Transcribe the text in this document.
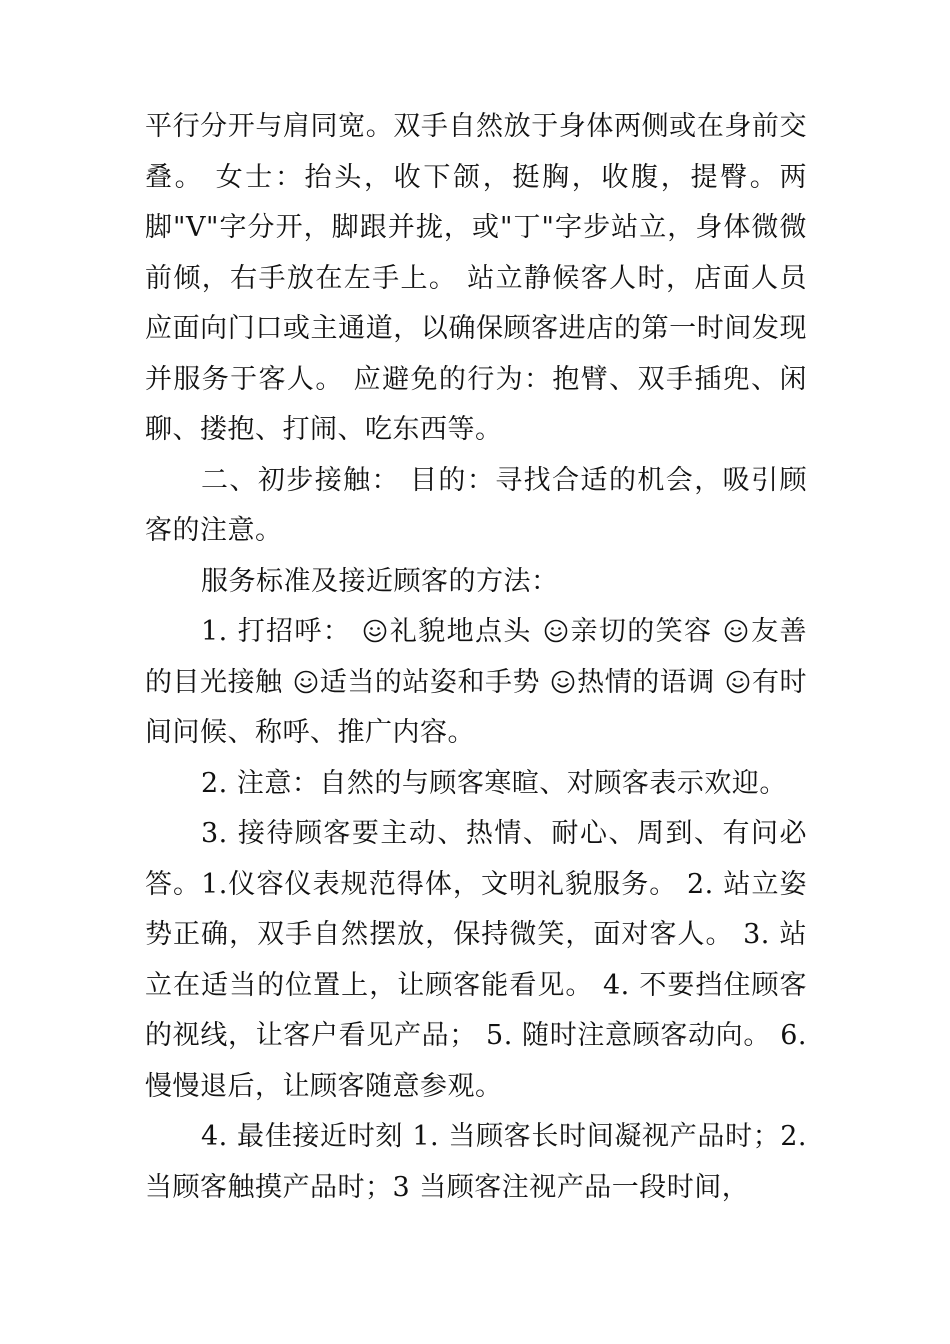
平行分开与肩同宽。双手自然放于身体两侧或在身前交叠。 女士：抬头，收下颌，挺胸，收腹，提臀。两脚"V"字分开，脚跟并拢，或"丁"字步站立，身体微微前倾，右手放在左手上。 站立静候客人时，店面人员应面向门口或主通道，以确保顾客进店的第一时间发现并服务于客人。 应避免的行为：抱臂、双手插兜、闲聊、搂抱、打闹、吃东西等。

二、初步接触： 目的：寻找合适的机会，吸引顾客的注意。

服务标准及接近顾客的方法：

1. 打招呼：
礼貌地点头
亲切的笑容
友善的目光接触
适当的站姿和手势
热情的语调
有时间问候、称呼、推广内容。

2. 注意：自然的与顾客寒暄、对顾客表示欢迎。

3. 接待顾客要主动、热情、耐心、周到、有问必答。1.仪容仪表规范得体，文明礼貌服务。 2. 站立姿势正确，双手自然摆放，保持微笑，面对客人。 3. 站立在适当的位置上，让顾客能看见。 4. 不要挡住顾客的视线，让客户看见产品； 5. 随时注意顾客动向。 6. 慢慢退后，让顾客随意参观。

4. 最佳接近时刻 1. 当顾客长时间凝视产品时；2. 当顾客触摸产品时；3 当顾客注视产品一段时间，
